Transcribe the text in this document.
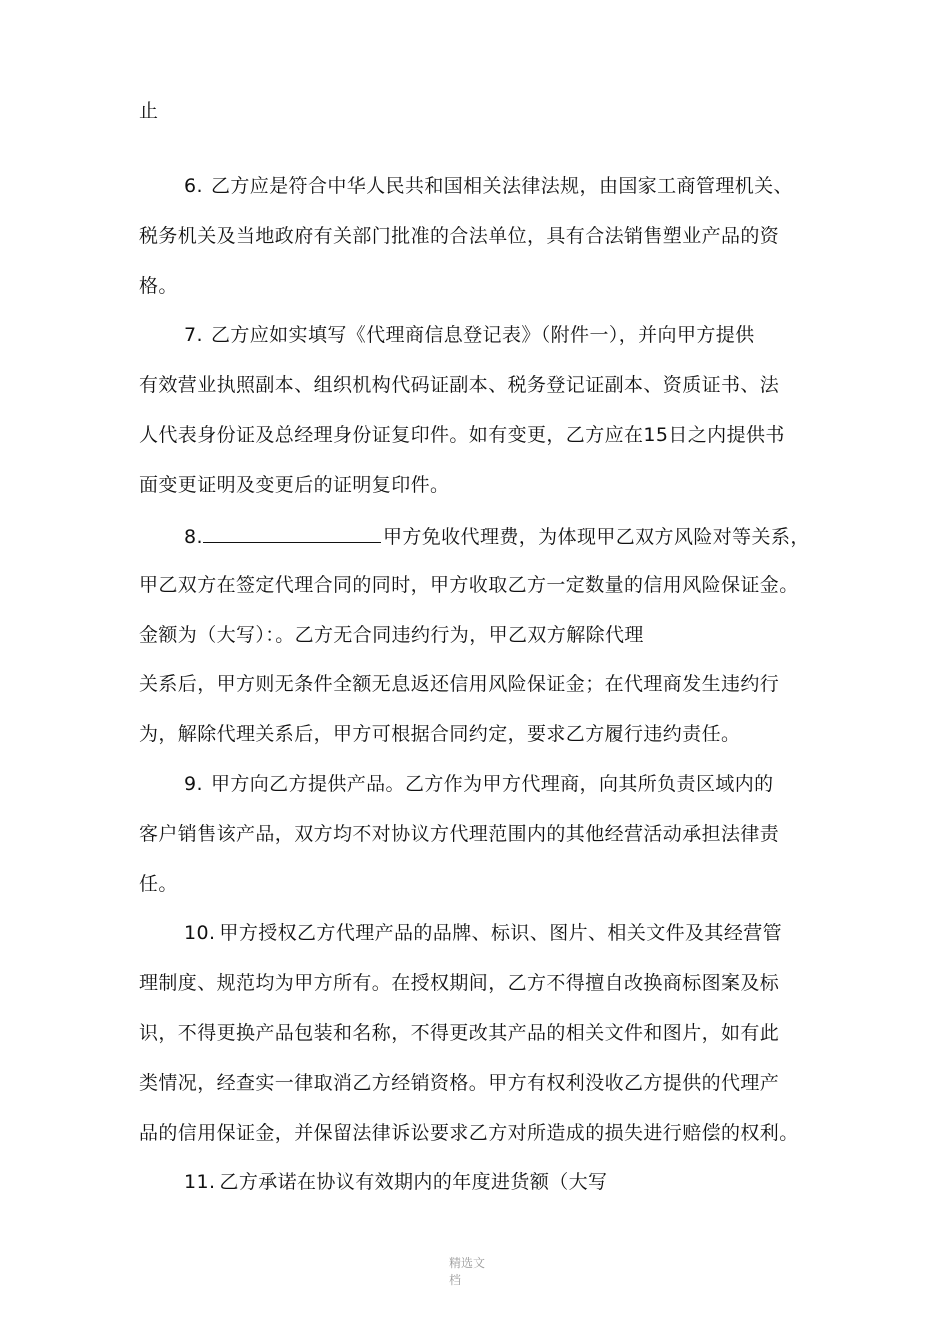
止
6. 乙方应是符合中华人民共和国相关法律法规，由国家工商管理机关、
税务机关及当地政府有关部门批准的合法单位，具有合法销售塑业产品的资
格。
7. 乙方应如实填写《代理商信息登记表》（附件一），并向甲方提供
有效营业执照副本、组织机构代码证副本、税务登记证副本、资质证书、法
人代表身份证及总经理身份证复印件。如有变更，乙方应在15日之内提供书
面变更证明及变更后的证明复印件。
8.	甲方免收代理费，为体现甲乙双方风险对等关系，
甲乙双方在签定代理合同的同时，甲方收取乙方一定数量的信用风险保证金。
金额为（大写）：。乙方无合同违约行为，甲乙双方解除代理
关系后，甲方则无条件全额无息返还信用风险保证金；在代理商发生违约行
为，解除代理关系后，甲方可根据合同约定，要求乙方履行违约责任。
9. 甲方向乙方提供产品。乙方作为甲方代理商，向其所负责区域内的
客户销售该产品，双方均不对协议方代理范围内的其他经营活动承担法律责
任。
10. 甲方授权乙方代理产品的品牌、标识、图片、相关文件及其经营管
理制度、规范均为甲方所有。在授权期间，乙方不得擅自改换商标图案及标
识，不得更换产品包装和名称，不得更改其产品的相关文件和图片，如有此
类情况，经查实一律取消乙方经销资格。甲方有权利没收乙方提供的代理产
品的信用保证金，并保留法律诉讼要求乙方对所造成的损失进行赔偿的权利。
11. 乙方承诺在协议有效期内的年度进货额（大写
精选文
档
